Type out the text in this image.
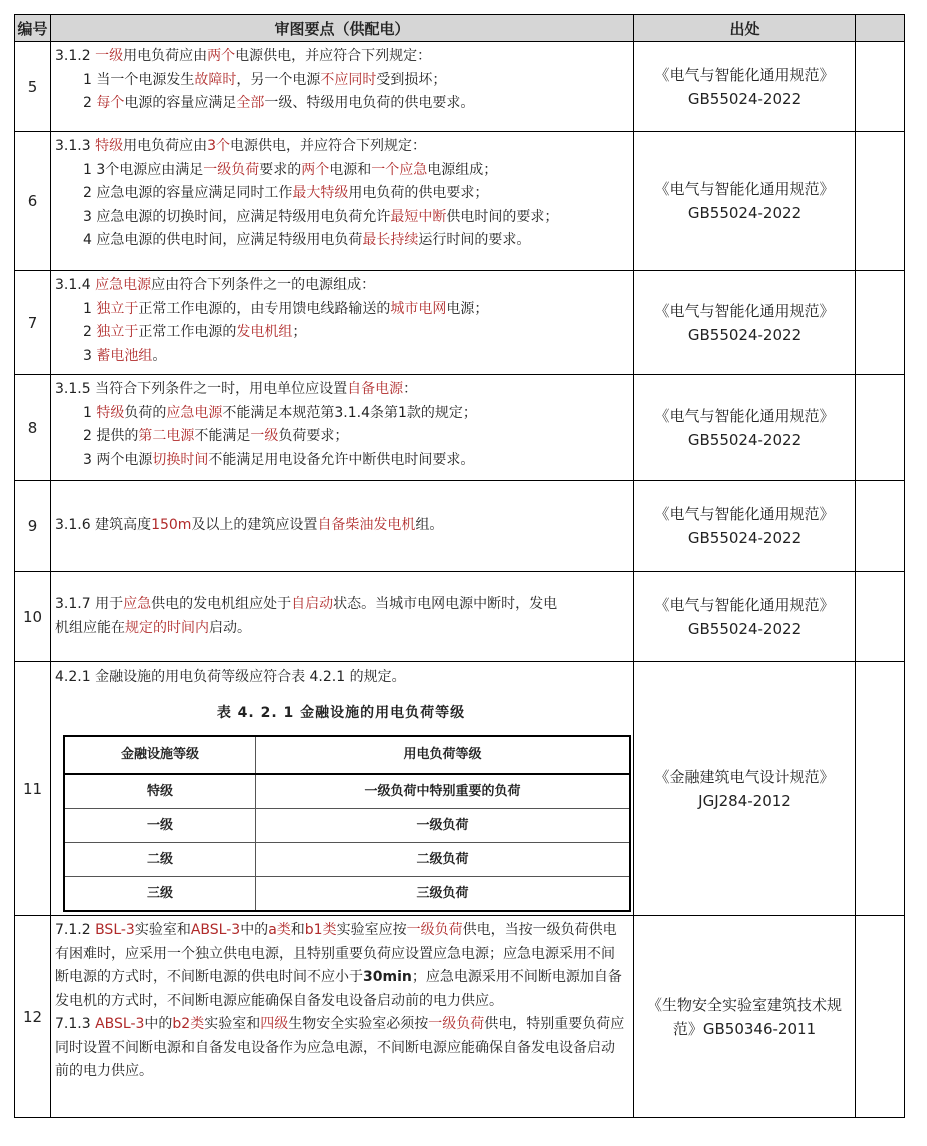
编号	审图要点（供配电）	出处	
5	
3.1.2 一级用电负荷应由两个电源供电，并应符合下列规定：
1 当一个电源发生故障时，另一个电源不应同时受到损坏；
2 每个电源的容量应满足全部一级、特级用电负荷的供电要求。

《电气与智能化通用规范》
GB55024-2022

6	
3.1.3 特级用电负荷应由3个电源供电，并应符合下列规定：
1 3个电源应由满足一级负荷要求的两个电源和一个应急电源组成；
2 应急电源的容量应满足同时工作最大特级用电负荷的供电要求；
3 应急电源的切换时间，应满足特级用电负荷允许最短中断供电时间的要求；
4 应急电源的供电时间，应满足特级用电负荷最长持续运行时间的要求。

《电气与智能化通用规范》
GB55024-2022

7	
3.1.4 应急电源应由符合下列条件之一的电源组成：
1 独立于正常工作电源的，由专用馈电线路输送的城市电网电源；
2 独立于正常工作电源的发电机组；
3 蓄电池组。

《电气与智能化通用规范》
GB55024-2022

8	
3.1.5 当符合下列条件之一时，用电单位应设置自备电源：
1 特级负荷的应急电源不能满足本规范第3.1.4条第1款的规定；
2 提供的第二电源不能满足一级负荷要求；
3 两个电源切换时间不能满足用电设备允许中断供电时间要求。

《电气与智能化通用规范》
GB55024-2022

9	3.1.6 建筑高度150m及以上的建筑应设置自备柴油发电机组。

《电气与智能化通用规范》
GB55024-2022

10	
3.1.7 用于应急供电的发电机组应处于自启动状态。当城市电网电源中断时，发电
机组应能在规定的时间内启动。

《电气与智能化通用规范》
GB55024-2022

11	
4.2.1 金融设施的用电负荷等级应符合表 4.2.1 的规定。
表 4. 2. 1 金融设施的用电负荷等级
金融设施等级	用电负荷等级
特级	一级负荷中特别重要的负荷
一级	一级负荷
二级	二级负荷
三级	三级负荷

《金融建筑电气设计规范》
JGJ284-2012

12	
7.1.2 BSL-3实验室和ABSL-3中的a类和b1类实验室应按一级负荷供电，当按一级负荷供电有困难时，应采用一个独立供电电源，且特别重要负荷应设置应急电源；应急电源采用不间断电源的方式时，不间断电源的供电时间不应小于30min；应急电源采用不间断电源加自备发电机的方式时，不间断电源应能确保自备发电设备启动前的电力供应。
7.1.3 ABSL-3中的b2类实验室和四级生物安全实验室必须按一级负荷供电，特别重要负荷应同时设置不间断电源和自备发电设备作为应急电源，不间断电源应能确保自备发电设备启动前的电力供应。

《生物安全实验室建筑技术规
范》GB50346-2011
